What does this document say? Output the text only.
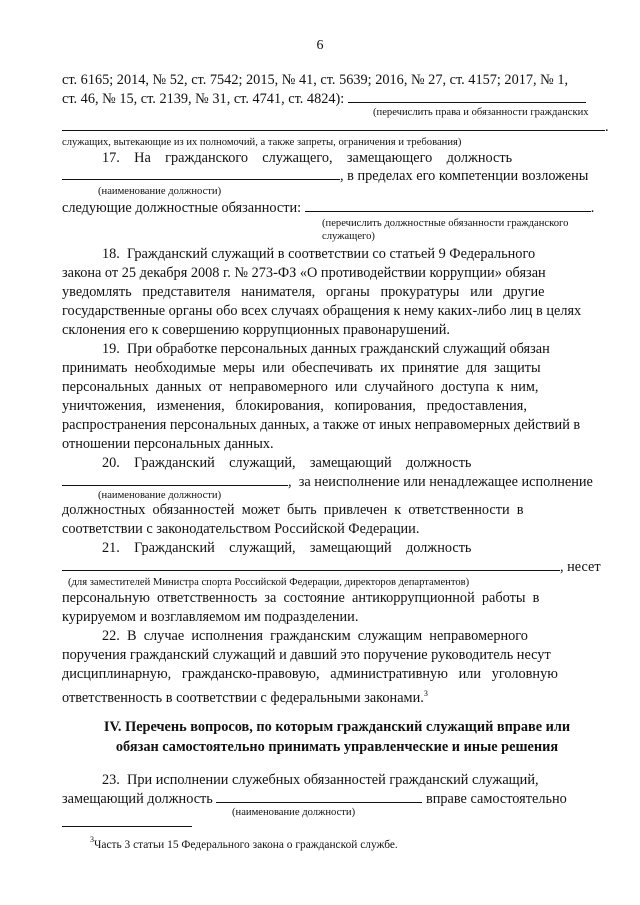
6
ст. 6165; 2014, № 52, ст. 7542; 2015, № 41, ст. 5639; 2016, № 27, ст. 4157; 2017, № 1,
ст. 46, № 15, ст. 2139, № 31, ст. 4741, ст. 4824):
(перечислить права и обязанности гражданских
.
служащих, вытекающие из их полномочий, а также запреты, ограничения и требования)
17.    На    гражданского    служащего,    замещающего    должность
, в пределах его компетенции возложены
(наименование должности)
следующие должностные обязанности:	.
(перечислить должностные обязанности гражданского
служащего)
18.  Гражданский служащий в соответствии со статьей 9 Федерального
закона от 25 декабря 2008 г. № 273-ФЗ «О противодействии коррупции» обязан
уведомлять   представителя   нанимателя,   органы   прокуратуры   или   другие
государственные органы обо всех случаях обращения к нему каких-либо лиц в целях
склонения его к совершению коррупционных правонарушений.
19.  При обработке персональных данных гражданский служащий обязан
принимать  необходимые  меры  или  обеспечивать  их  принятие  для  защиты
персональных  данных  от  неправомерного  или  случайного  доступа  к  ним,
уничтожения,   изменения,   блокирования,   копирования,   предоставления,
распространения персональных данных, а также от иных неправомерных действий в
отношении персональных данных.
20.    Гражданский    служащий,    замещающий    должность
,  за неисполнение или ненадлежащее исполнение
(наименование должности)
должностных  обязанностей  может  быть  привлечен  к  ответственности  в
соответствии с законодательством Российской Федерации.
21.    Гражданский    служащий,    замещающий    должность
, несет
(для заместителей Министра спорта Российской Федерации, директоров департаментов)
персональную  ответственность  за  состояние  антикоррупционной  работы  в
курируемом и возглавляемом им подразделении.
22.  В  случае  исполнения  гражданским  служащим  неправомерного
поручения гражданский служащий и давший это поручение руководитель несут
дисциплинарную,   гражданско-правовую,   административную   или   уголовную
ответственность в соответствии с федеральными законами.$^3$
IV. Перечень вопросов, по которым гражданский служащий вправе или
обязан самостоятельно принимать управленческие и иные решения
23.  При исполнении служебных обязанностей гражданский служащий,
замещающий должность	вправе самостоятельно
(наименование должности)
$^3$Часть 3 статьи 15 Федерального закона о гражданской службе.
